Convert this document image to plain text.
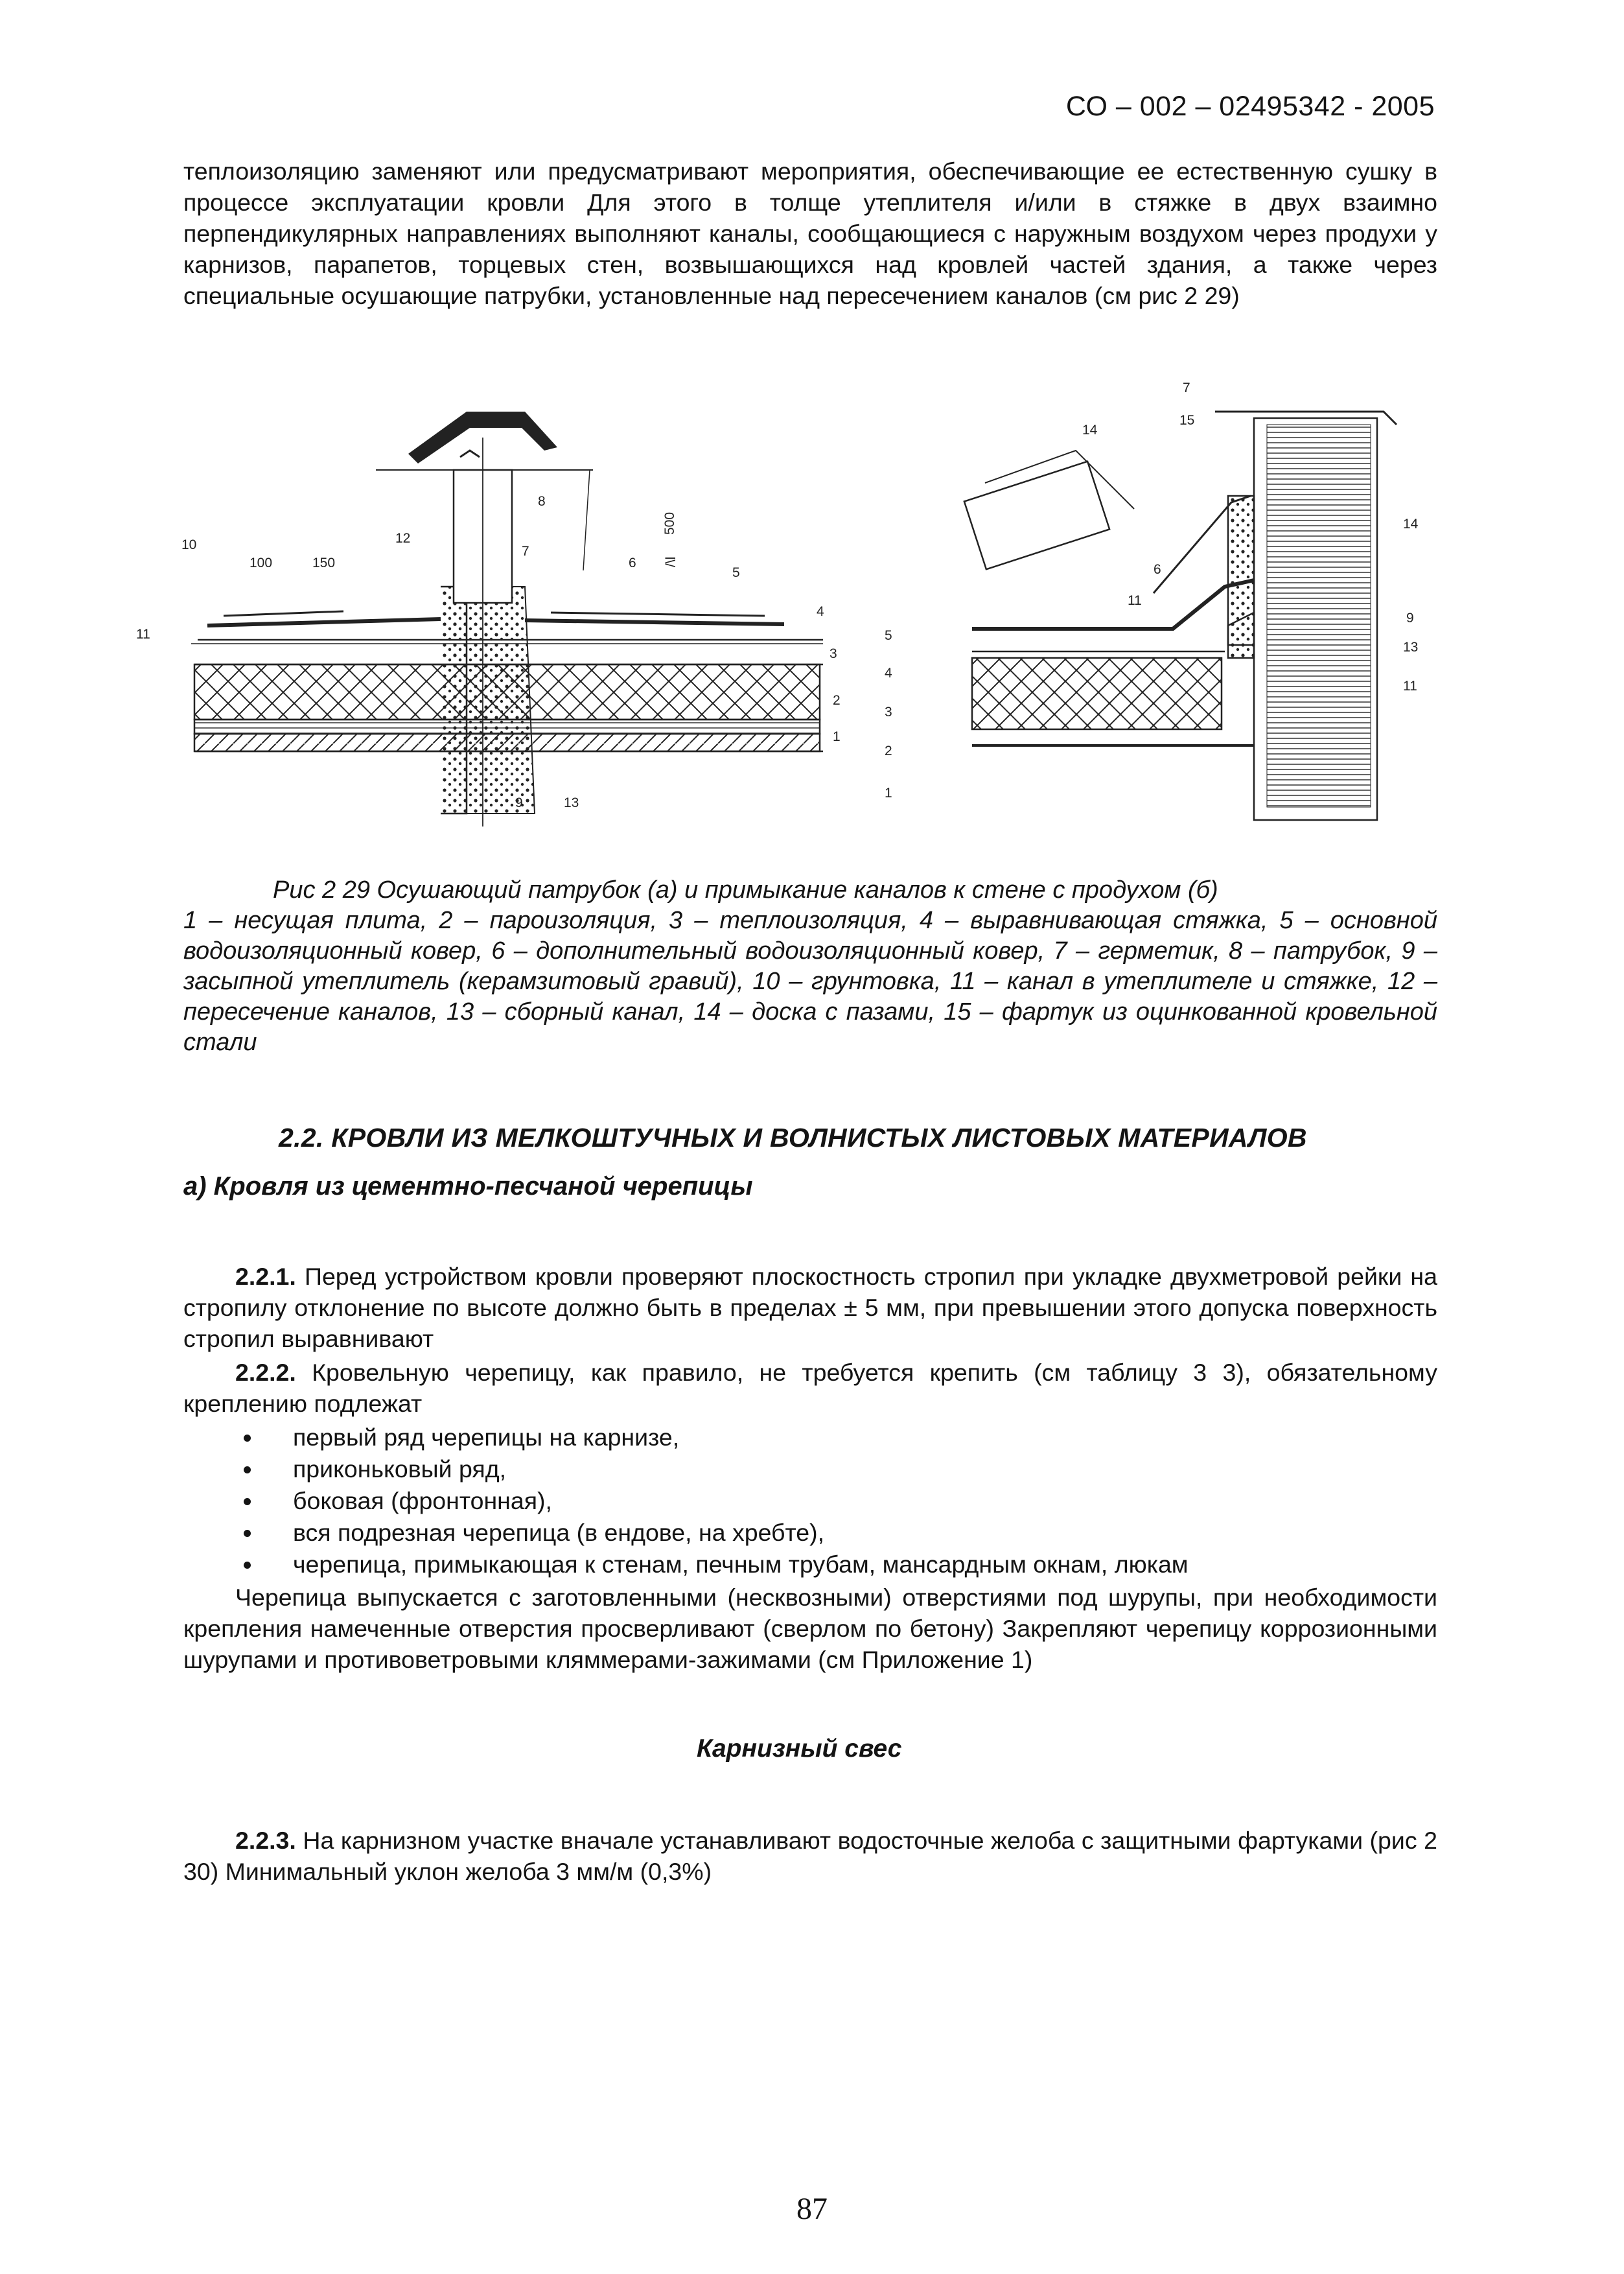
СО – 002 – 02495342 - 2005

теплоизоляцию заменяют или предусматривают мероприятия, обеспечивающие ее естественную сушку в процессе эксплуатации кровли Для этого в толще утеплителя и/или в стяжке в двух взаимно перпендикулярных направлениях выполняют каналы, сообщающиеся с наружным воздухом через продухи у карнизов, парапетов, торцевых стен, возвышающихся над кровлей частей здания, а также через специальные осушающие патрубки, установленные над пересечением каналов (см рис 2 29)

10
100	150
12
8
7
6
500
/\l
5
11
4
3
2
1
9	13
7
15
14
14
6
11
5
4
3
2
1
9
13
11

Рис 2 29 Осушающий патрубок (а) и примыкание каналов к стене с продухом (б)
1 – несущая плита, 2 – пароизоляция, 3 – теплоизоляция, 4 – выравнивающая стяжка, 5 – основной водоизоляционный ковер, 6 – дополнительный водоизоляционный ковер, 7 – герметик, 8 – патрубок, 9 – засыпной утеплитель (керамзитовый гравий), 10 – грунтовка, 11 – канал в утеплителе и стяжке, 12 – пересечение каналов, 13 – сборный канал, 14 – доска с пазами, 15 – фартук из оцинкованной кровельной стали

2.2. КРОВЛИ ИЗ МЕЛКОШТУЧНЫХ И ВОЛНИСТЫХ ЛИСТОВЫХ МАТЕРИАЛОВ
а) Кровля из цементно-песчаной черепицы

2.2.1. Перед устройством кровли проверяют плоскостность стропил при укладке двухметровой рейки на стропилу отклонение по высоте должно быть в пределах ± 5 мм, при превышении этого допуска поверхность стропил выравнивают

2.2.2. Кровельную черепицу, как правило, не требуется крепить (см таблицу 3 3), обязательному креплению подлежат

первый ряд черепицы на карнизе,
приконьковый ряд,
боковая (фронтонная),
вся подрезная черепица (в ендове, на хребте),
черепица, примыкающая к стенам, печным трубам, мансардным окнам, люкам

Черепица выпускается с заготовленными (несквозными) отверстиями под шурупы, при необходимости крепления намеченные отверстия просверливают (сверлом по бетону) Закрепляют черепицу коррозионными шурупами и противоветровыми кляммерами-зажимами (см Приложение 1)

Карнизный свес

2.2.3. На карнизном участке вначале устанавливают водосточные желоба с защитными фартуками (рис 2 30) Минимальный уклон желоба 3 мм/м (0,3%)

87
